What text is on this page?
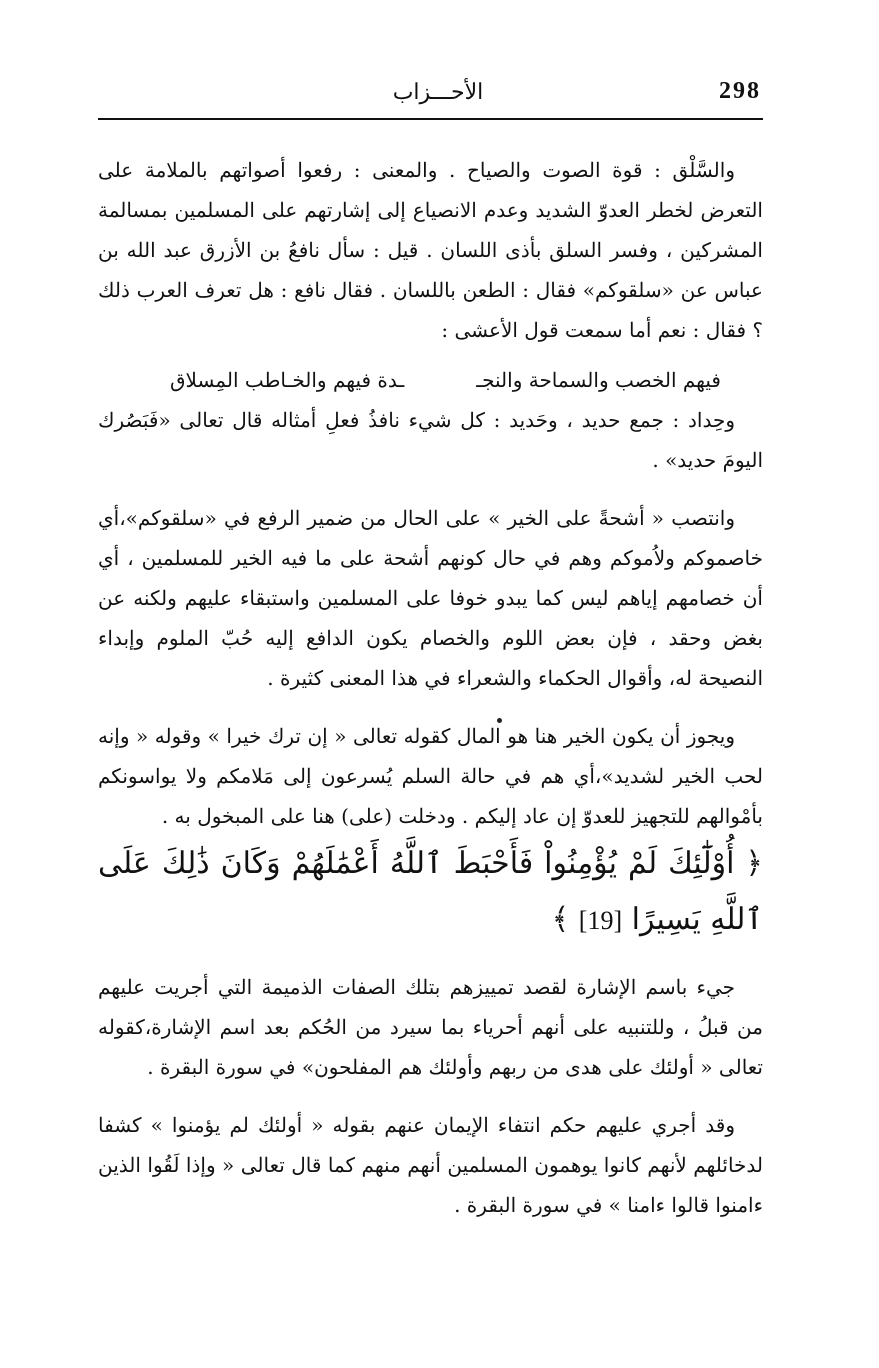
298
الأحـــزاب

والسَّلْق : قوة الصوت والصياح . والمعنى : رفعوا أصواتهم بالملامة على التعرض لخطر العدوّ الشديد وعدم الانصياع إلى إشارتهم على المسلمين بمسالمة المشركين ، وفسر السلق بأذى اللسان . قيل : سأل نافعُ بن الأزرق عبد الله بن عباس عن «سلقوكم» فقال : الطعن باللسان . فقال نافع : هل تعرف العرب ذلك ؟ فقال : نعم أما سمعت قول الأعشى :

فيهم الخصب والسماحة والنجـ
ـدة فيهم والخـاطب المِسلاق

وحِداد : جمع حديد ، وحَديد : كل شيء نافذُ فعلِ أمثاله قال تعالى «فَبَصُرك اليومَ حديد» .

وانتصب « أشحةً على الخير » على الحال من ضمير الرفع في «سلقوكم»،أي خاصموكم ولاُموكم وهم في حال كونهم أشحة على ما فيه الخير للمسلمين ، أي أن خصامهم إياهم ليس كما يبدو خوفا على المسلمين واستبقاء عليهم ولكنه عن بغض وحقد ، فإن بعض اللوم والخصام يكون الدافع إليه حُبّ الملوم وإبداء النصيحة له، وأقوال الحكماء والشعراء في هذا المعنى كثيرة .

ويجوز أن يكون الخير هنا هو المال كقوله تعالى « إن ترك خيرا » وقوله « وإنه لحب الخير لشديد»،أي هم في حالة السلم يُسرعون إلى مَلامكم ولا يواسونكم بأمْوالهم للتجهيز للعدوّ إن عاد إليكم . ودخلت (على) هنا على المبخول به .

﴿ أُوْلَٰٓئِكَ لَمْ يُؤْمِنُواْ فَأَحْبَطَ ٱللَّهُ أَعْمَٰلَهُمْ وَكَانَ ذَٰلِكَ عَلَى ٱللَّهِ يَسِيرًا [19] ﴾

جيء باسم الإشارة لقصد تمييزهم بتلك الصفات الذميمة التي أجريت عليهم من قبلُ ، وللتنبيه على أنهم أحرياء بما سيرد من الحُكم بعد اسم الإشارة،كقوله تعالى « أولئك على هدى من ربهم وأولئك هم المفلحون» في سورة البقرة .

وقد أجري عليهم حكم انتفاء الإيمان عنهم بقوله « أولئك لم يؤمنوا » كشفا لدخائلهم لأنهم كانوا يوهمون المسلمين أنهم منهم كما قال تعالى « وإذا لَقُوا الذين ءامنوا قالوا ءامنا » في سورة البقرة .
